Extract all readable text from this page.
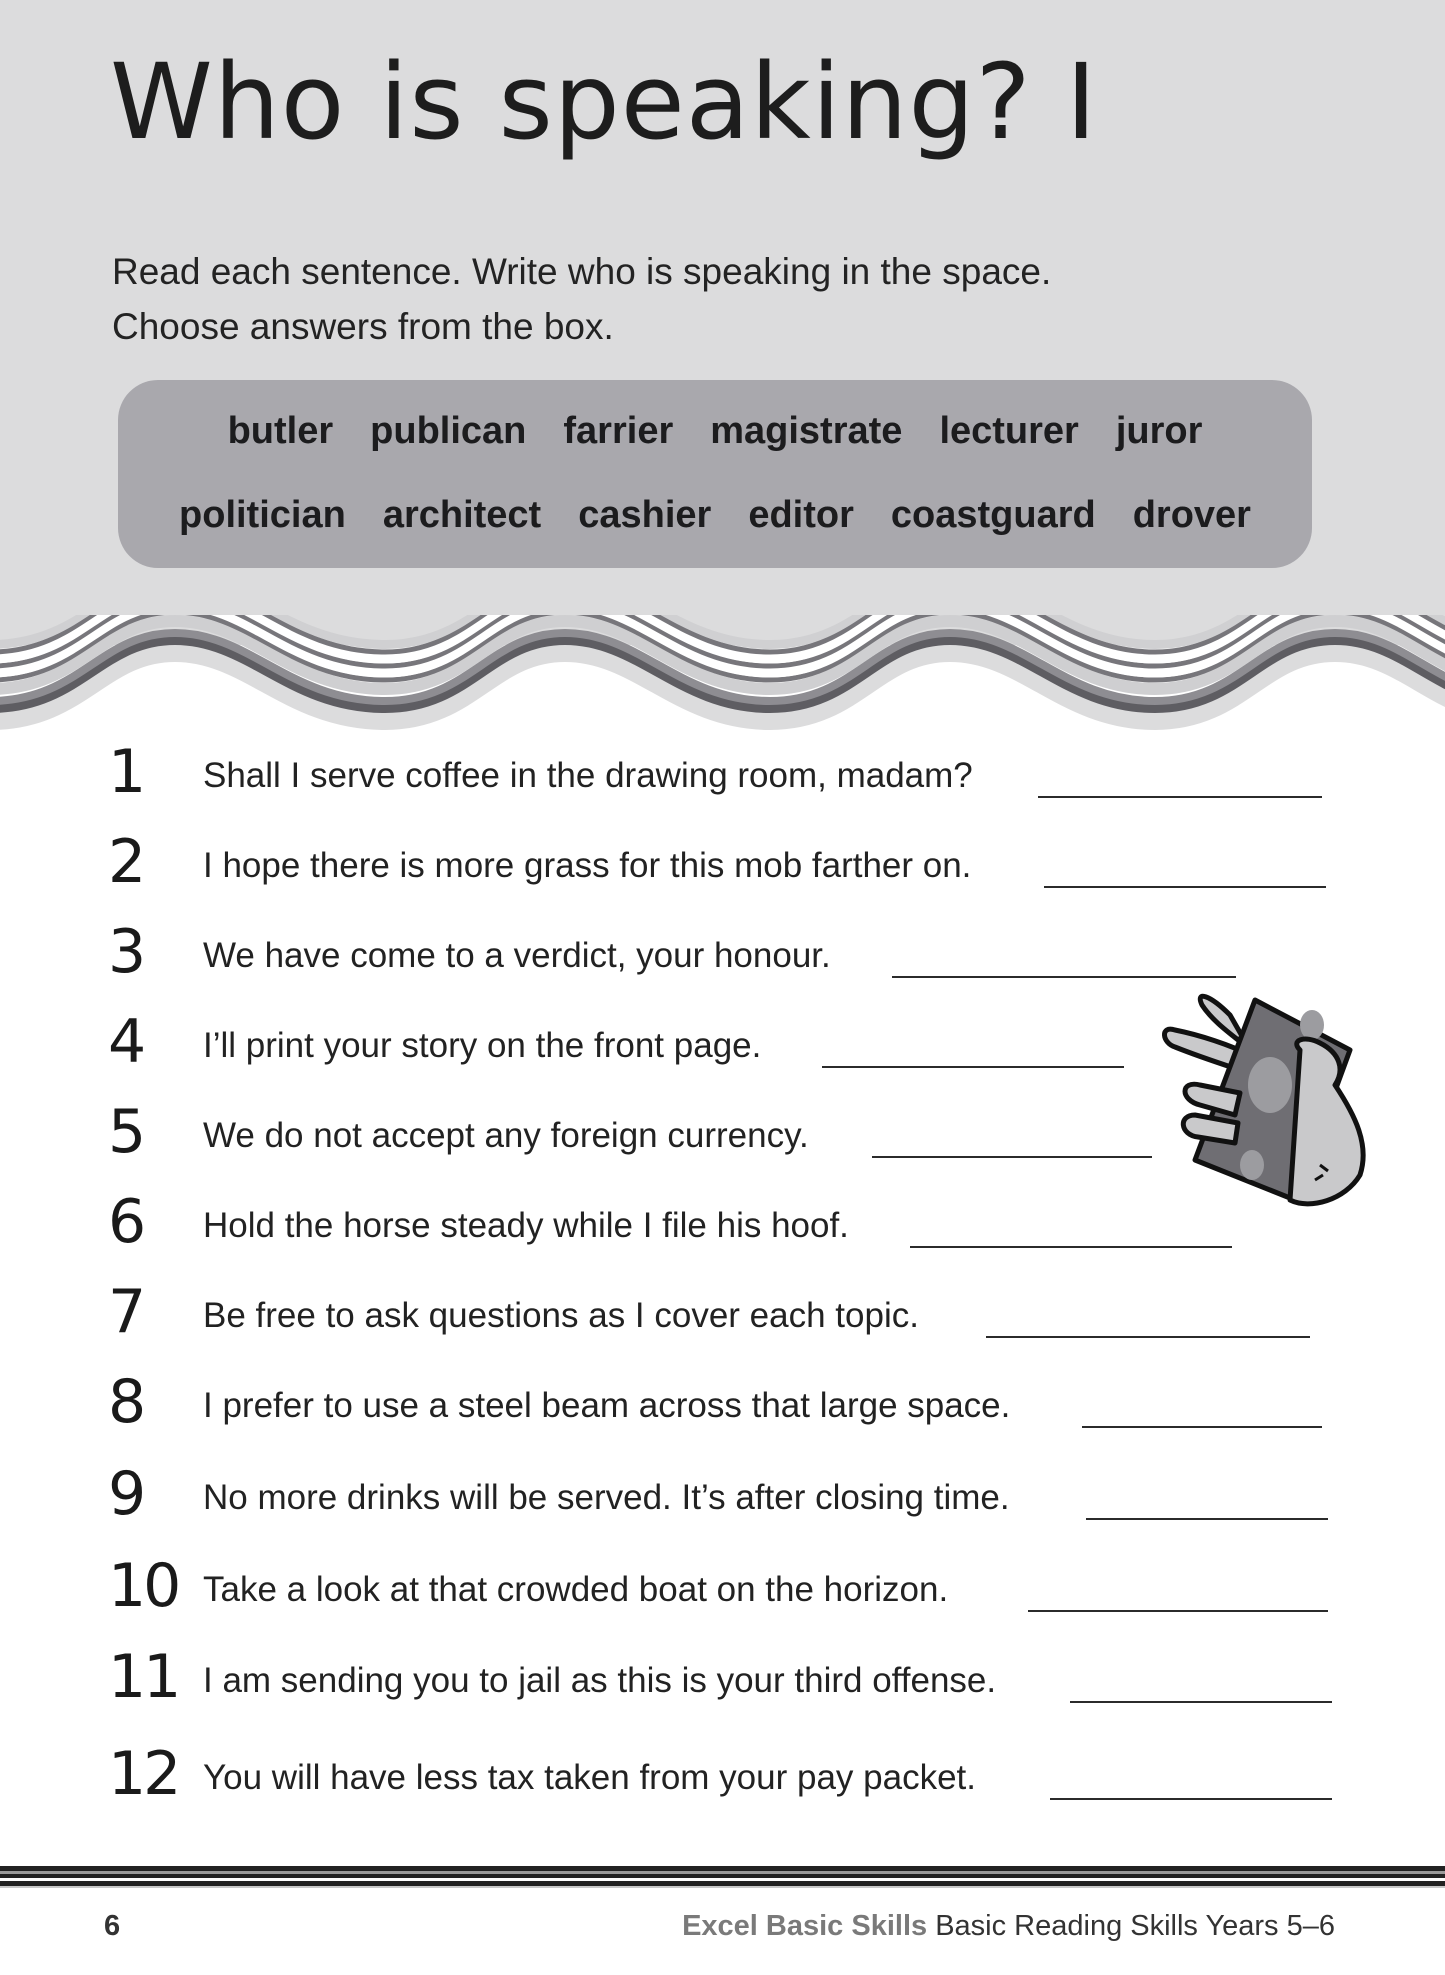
Who is speaking? I
Read each sentence. Write who is speaking in the space.
Choose answers from the box.
butler publican farrier magistrate lecturer juror
politician architect cashier editor coastguard drover
1 Shall I serve coffee in the drawing room, madam?
2 I hope there is more grass for this mob farther on.
3 We have come to a verdict, your honour.
4 I’ll print your story on the front page.
5 We do not accept any foreign currency.
6 Hold the horse steady while I file his hoof.
7 Be free to ask questions as I cover each topic.
8 I prefer to use a steel beam across that large space.
9 No more drinks will be served. It’s after closing time.
10 Take a look at that crowded boat on the horizon.
11 I am sending you to jail as this is your third offense.
12 You will have less tax taken from your pay packet.
6	Excel Basic Skills Basic Reading Skills Years 5–6
